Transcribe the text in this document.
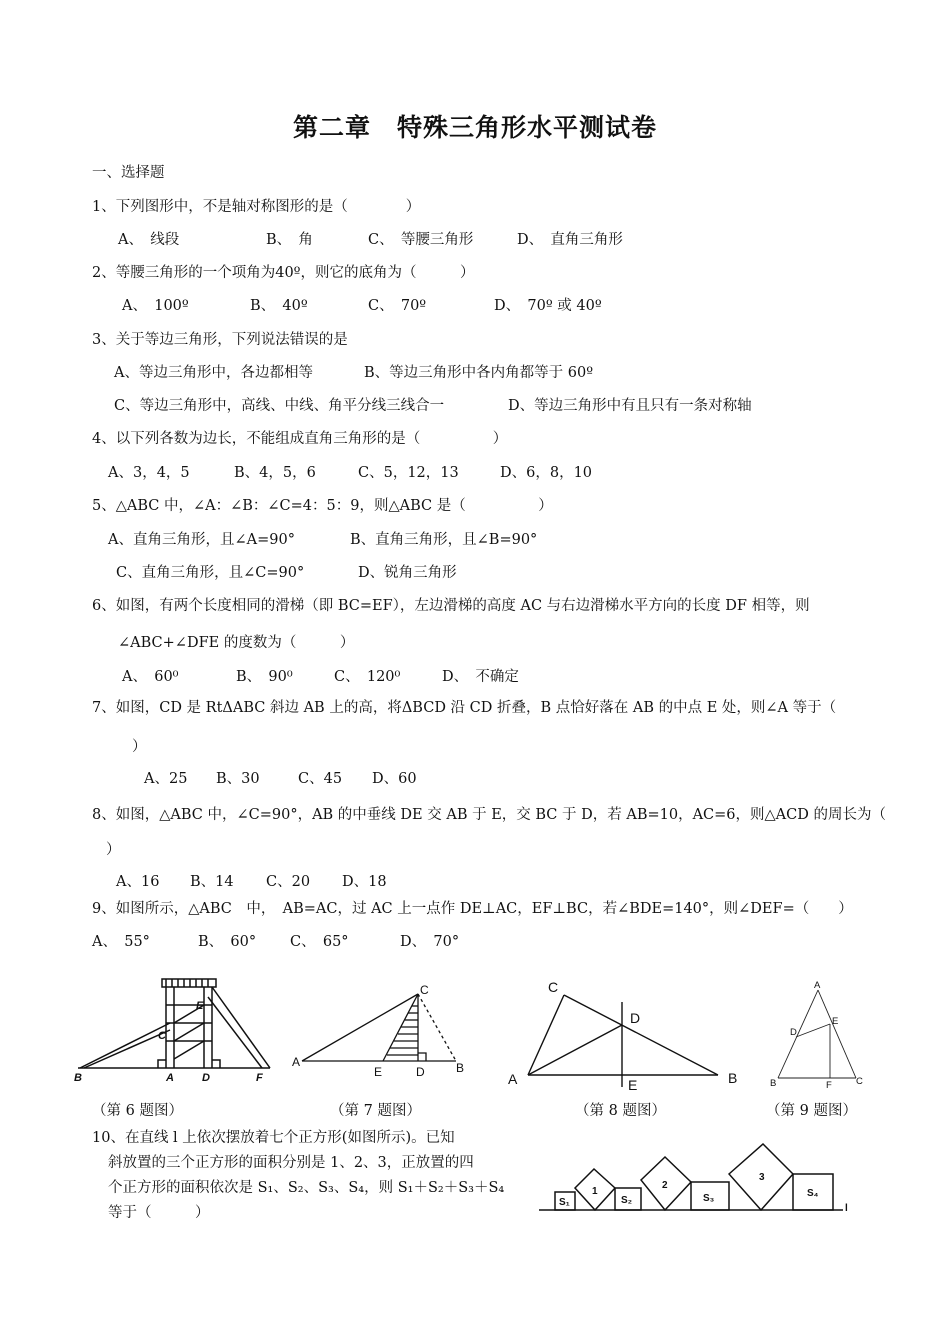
第二章　特殊三角形水平测试卷
一、选择题
1、下列图形中，不是轴对称图形的是（　　　　）
A、　线段	B、　角	C、　等腰三角形	D、　直角三角形
2、等腰三角形的一个项角为40º，则它的底角为（　　　）
A、　100º	B、　40º	C、　70º	D、　70º 或 40º
3、关于等边三角形，下列说法错误的是
A、等边三角形中，各边都相等	B、等边三角形中各内角都等于 60º
C、等边三角形中，高线、中线、角平分线三线合一	D、等边三角形中有且只有一条对称轴
4、以下列各数为边长，不能组成直角三角形的是（　　　　　）
A、3，4，5	B、4，5，6	C、5，12，13	D、6，8，10
5、△ABC 中，∠A：∠B：∠C=4：5：9，则△ABC 是（　　　　　）
A、直角三角形，且∠A=90°	B、直角三角形，且∠B=90°
C、直角三角形，且∠C=90°	D、锐角三角形
6、如图，有两个长度相同的滑梯（即 BC=EF），左边滑梯的高度 AC 与右边滑梯水平方向的长度 DF 相等，则
∠ABC+∠DFE 的度数为（　　　）
A、　60⁰	B、　90⁰	C、　120⁰	D、　不确定
7、如图，CD 是 RtΔABC 斜边 AB 上的高，将ΔBCD 沿 CD 折叠，B 点恰好落在 AB 的中点 E 处，则∠A 等于（
）
A、25 B、30	C、45 D、60
8、如图，△ABC 中，∠C=90°，AB 的中垂线 DE 交 AB 于 E，交 BC 于 D，若 AB=10，AC=6，则△ACD 的周长为（
）
A、16 B、14 C、20 D、18
9、如图所示，△ABC　中，　AB=AC，过 AC 上一点作 DE⊥AC，EF⊥BC，若∠BDE=140°，则∠DEF=（　　）
A、　55°	B、　60° C、　65°	D、　70°
E
C
B	A	D	F
（第 6 题图）
C
A
E	D	B
（第 7 题图）
C
D
A	E	B
（第 8 题图）
A
D
E
B	F	C
（第 9 题图）
10、在直线 l 上依次摆放着七个正方形(如图所示)。已知
斜放置的三个正方形的面积分别是 1、2、3，正放置的四
个正方形的面积依次是 S₁、S₂、S₃、S₄，则 S₁＋S₂＋S₃＋S₄
等于（　　　）
S₁
1
S₂
2
S₃
3
S₄
l
